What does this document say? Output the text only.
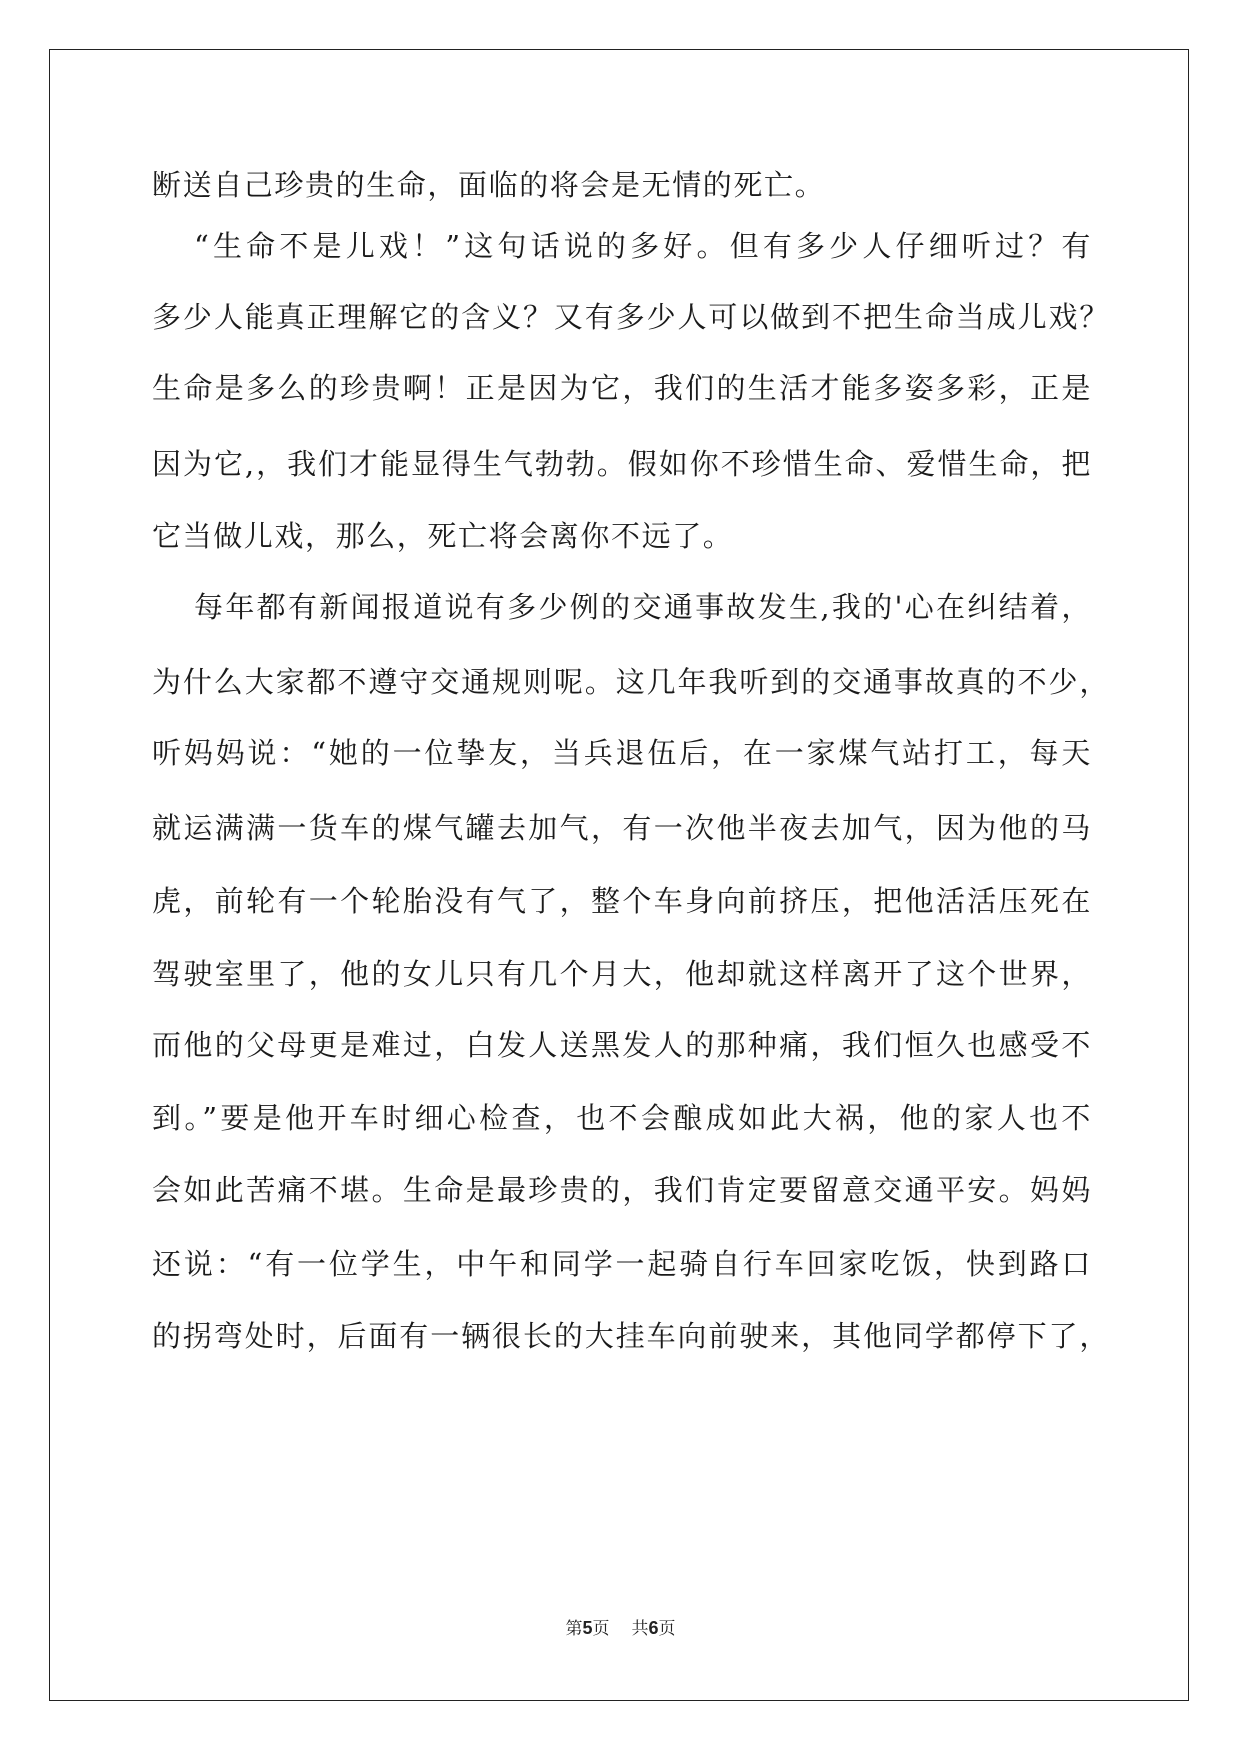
断送自己珍贵的生命，面临的将会是无情的死亡。
“生命不是儿戏！”这句话说的多好。但有多少人仔细听过？有
多少人能真正理解它的含义？又有多少人可以做到不把生命当成儿戏？
生命是多么的珍贵啊！正是因为它，我们的生活才能多姿多彩，正是
因为它,，我们才能显得生气勃勃。假如你不珍惜生命、爱惜生命，把
它当做儿戏，那么，死亡将会离你不远了。
每年都有新闻报道说有多少例的交通事故发生,我的'心在纠结着，
为什么大家都不遵守交通规则呢。这几年我听到的交通事故真的不少，
听妈妈说：“她的一位挚友，当兵退伍后，在一家煤气站打工，每天
就运满满一货车的煤气罐去加气，有一次他半夜去加气，因为他的马
虎，前轮有一个轮胎没有气了，整个车身向前挤压，把他活活压死在
驾驶室里了，他的女儿只有几个月大，他却就这样离开了这个世界，
而他的父母更是难过，白发人送黑发人的那种痛，我们恒久也感受不
到。”要是他开车时细心检查，也不会酿成如此大祸，他的家人也不
会如此苦痛不堪。生命是最珍贵的，我们肯定要留意交通平安。妈妈
还说：“有一位学生，中午和同学一起骑自行车回家吃饭，快到路口
的拐弯处时，后面有一辆很长的大挂车向前驶来，其他同学都停下了，
第5页 共6页
